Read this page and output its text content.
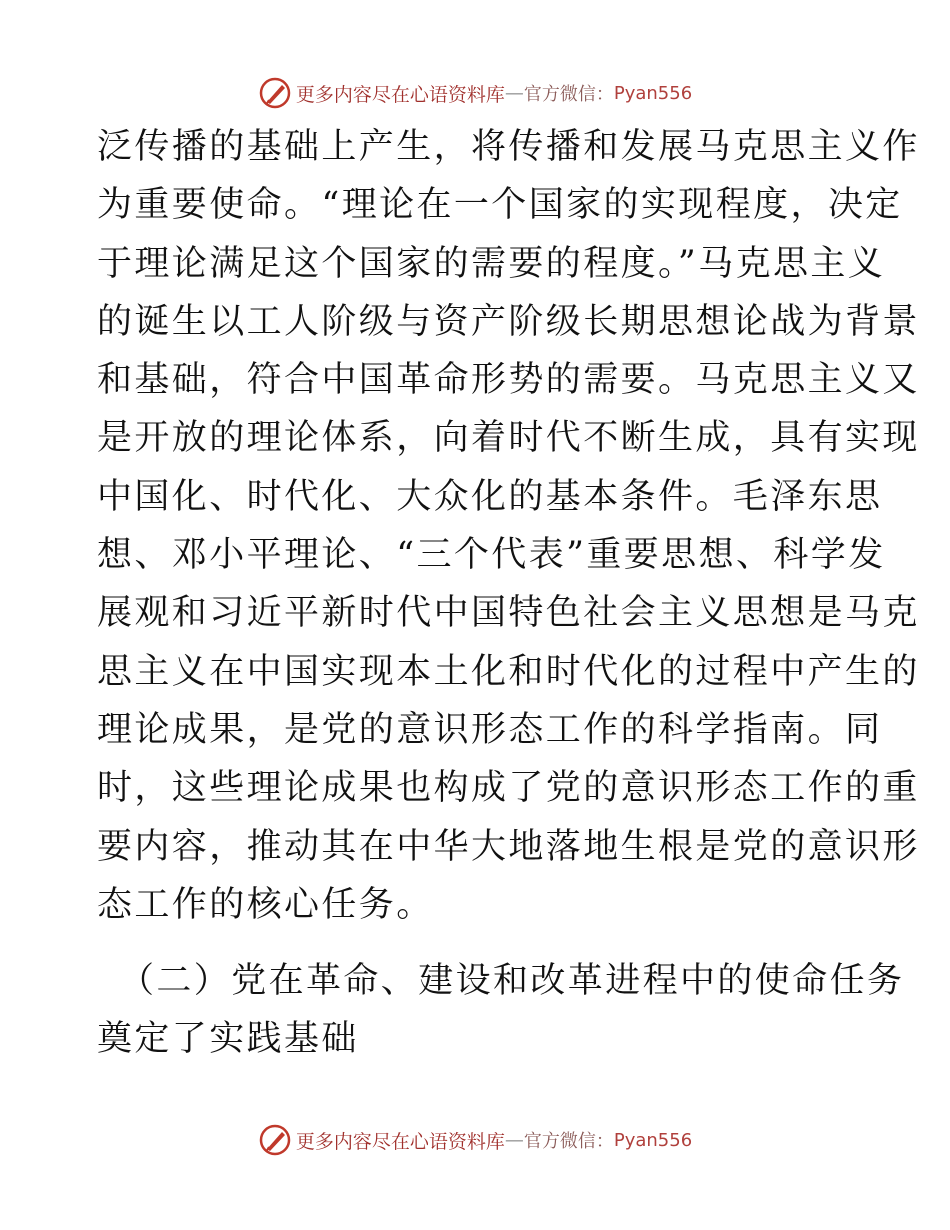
更多内容尽在心语资料库 — 官方微信： Pyan556
泛传播的基础上产生，将传播和发展马克思主义作
为重要使命。“理论在一个国家的实现程度，决定
于理论满足这个国家的需要的程度。”马克思主义
的诞生以工人阶级与资产阶级长期思想论战为背景
和基础，符合中国革命形势的需要。马克思主义又
是开放的理论体系，向着时代不断生成，具有实现
中国化、时代化、大众化的基本条件。毛泽东思
想、邓小平理论、“三个代表”重要思想、科学发
展观和习近平新时代中国特色社会主义思想是马克
思主义在中国实现本土化和时代化的过程中产生的
理论成果，是党的意识形态工作的科学指南。同
时，这些理论成果也构成了党的意识形态工作的重
要内容，推动其在中华大地落地生根是党的意识形
态工作的核心任务。
（二）党在革命、建设和改革进程中的使命任务
奠定了实践基础
更多内容尽在心语资料库 — 官方微信： Pyan556
